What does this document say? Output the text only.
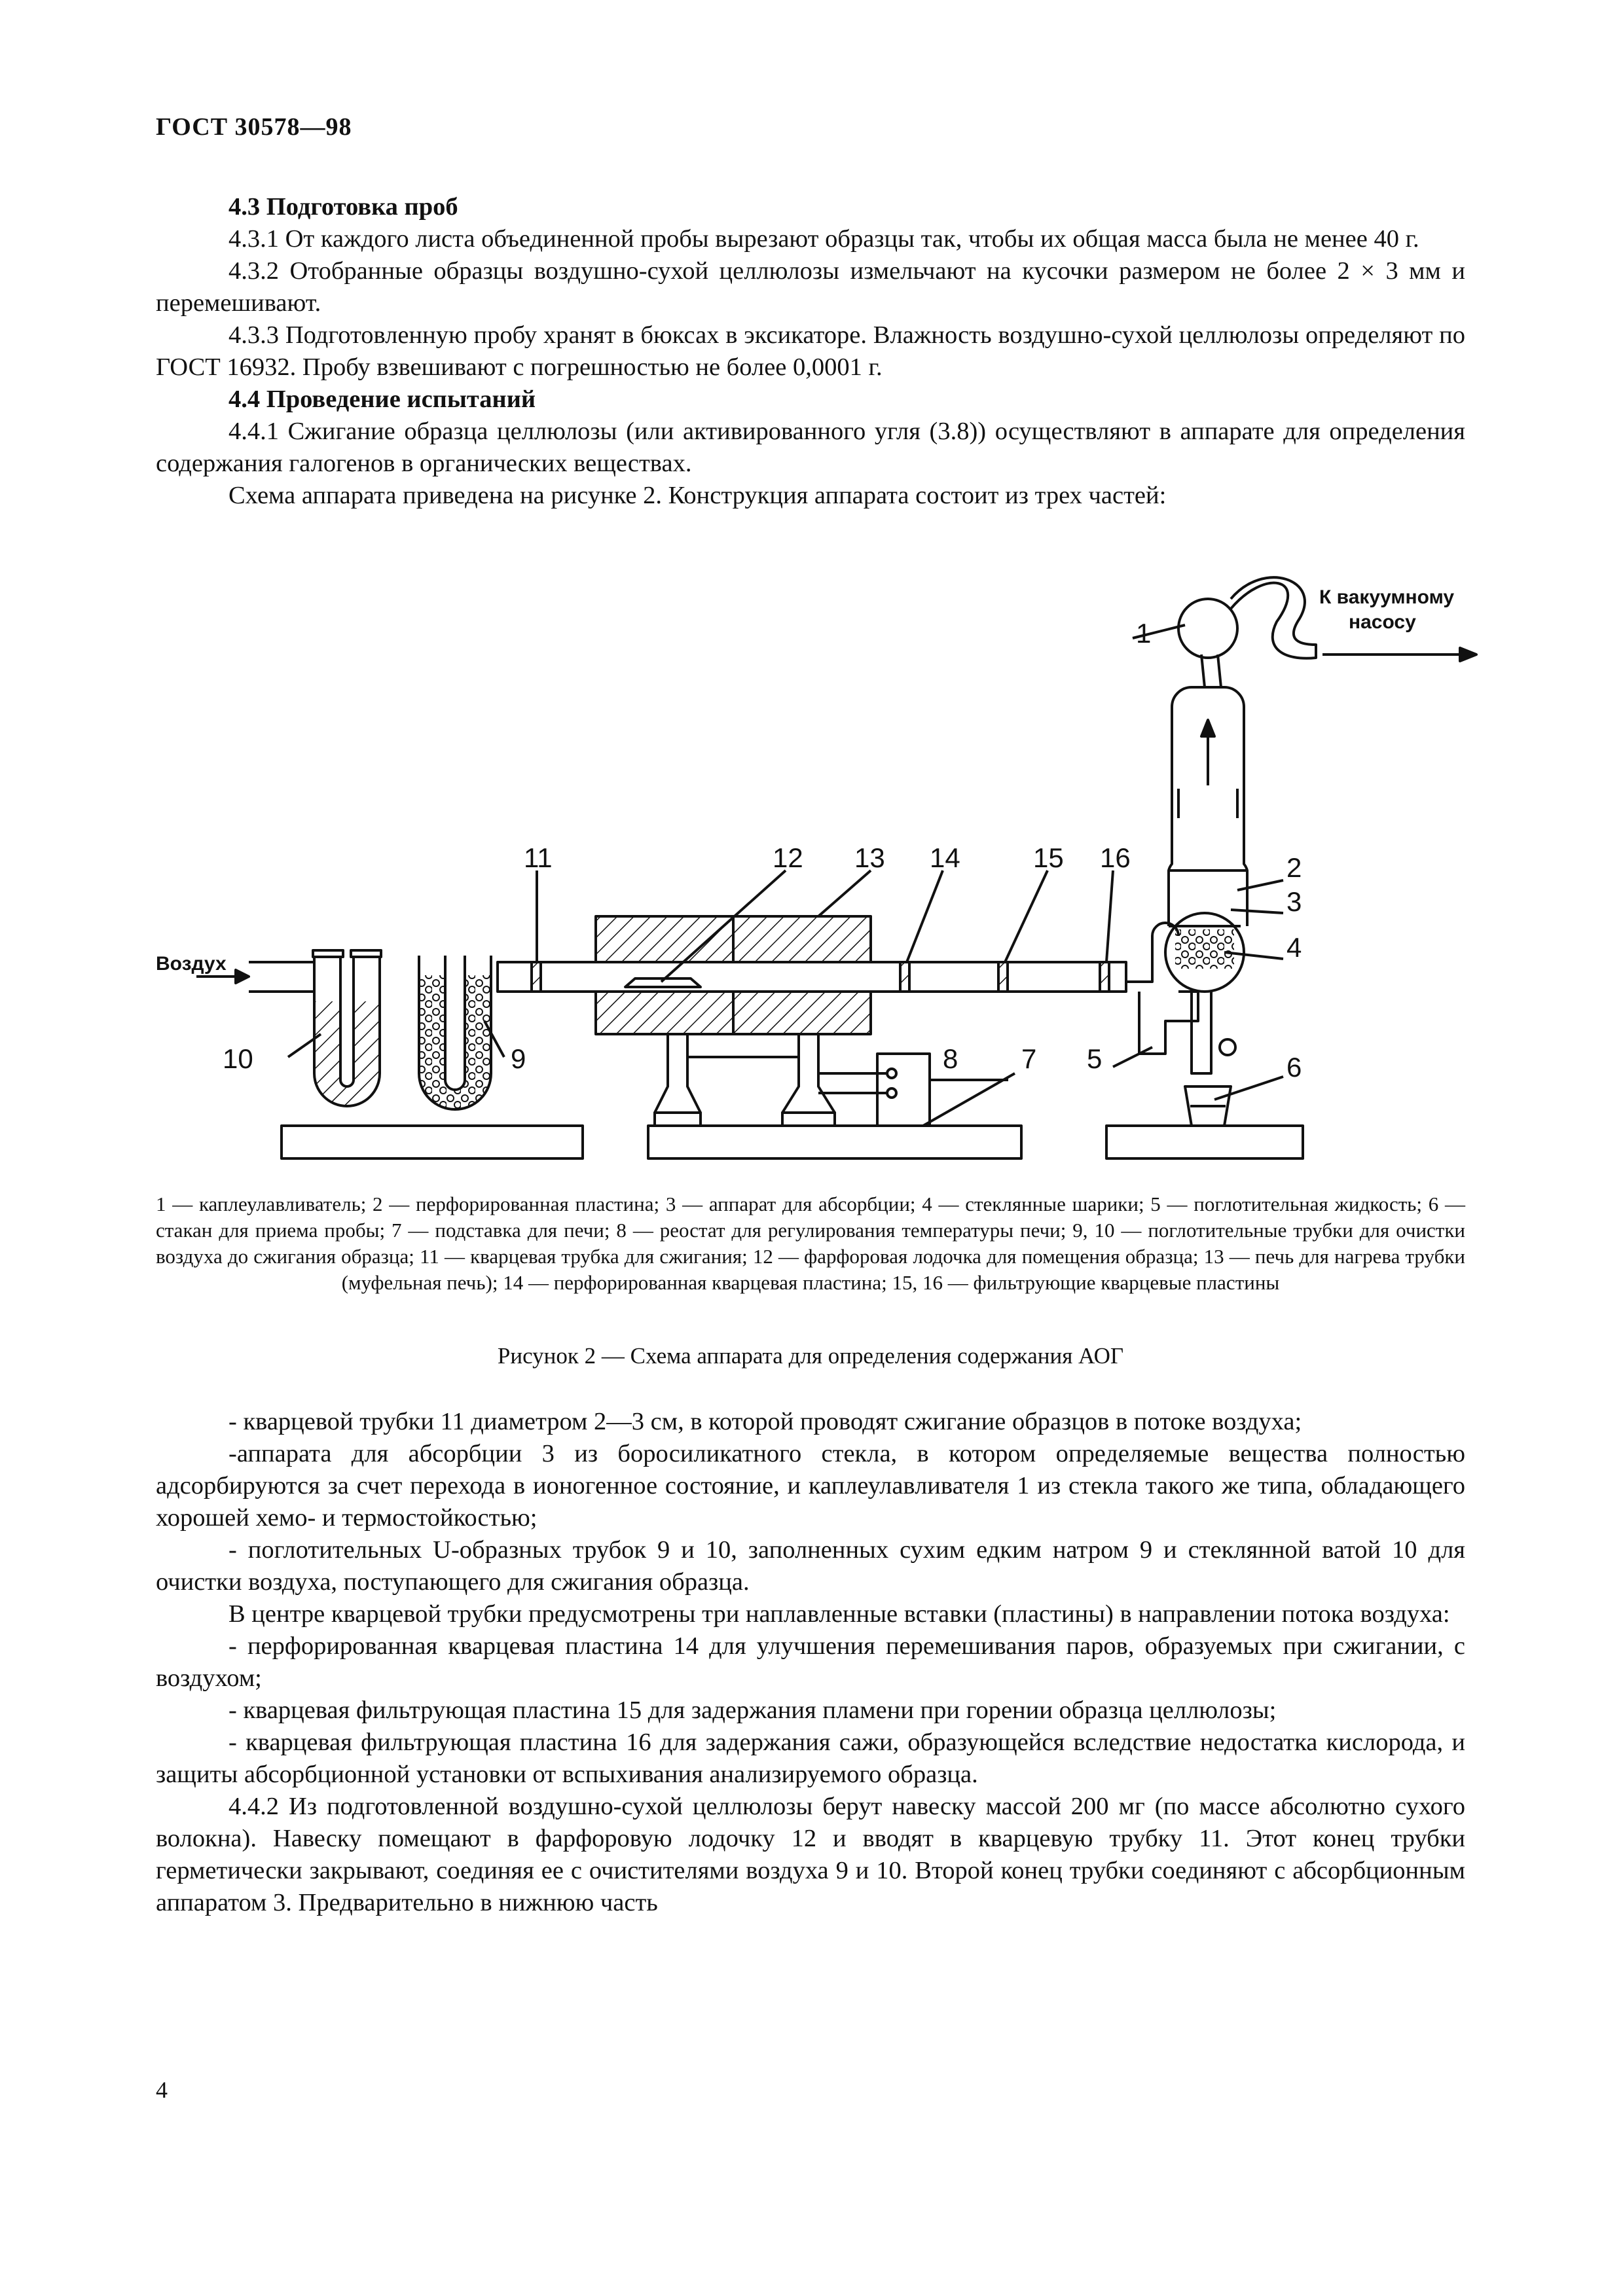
ГОСТ 30578—98

4.3 Подготовка проб

4.3.1 От каждого листа объединенной пробы вырезают образцы так, чтобы их общая масса была не менее 40 г.

4.3.2 Отобранные образцы воздушно-сухой целлюлозы измельчают на кусочки размером не более 2 × 3 мм и перемешивают.

4.3.3 Подготовленную пробу хранят в бюксах в эксикаторе. Влажность воздушно-сухой целлюлозы определяют по ГОСТ 16932. Пробу взвешивают с погрешностью не более 0,0001 г.

4.4 Проведение испытаний

4.4.1 Сжигание образца целлюлозы (или активированного угля (3.8)) осуществляют в аппарате для определения содержания галогенов в органических веществах.

Схема аппарата приведена на рисунке 2. Конструкция аппарата состоит из трех частей:

1
2
3
4
5	6
7
8
9
10
11	12 13 14	15 16
К вакуумному
насосу
Воздух
1 — каплеулавливатель; 2 — перфорированная пластина; 3 — аппарат для абсорбции; 4 — стеклянные шарики; 5 — поглотительная жидкость; 6 — стакан для приема пробы; 7 — подставка для печи; 8 — реостат для регулирования температуры печи; 9, 10 — поглотительные трубки для очистки воздуха до сжигания образца; 11 — кварцевая трубка для сжигания; 12 — фарфоровая лодочка для помещения образца; 13 — печь для нагрева трубки (муфельная печь); 14 — перфорированная кварцевая пластина; 15, 16 — фильтрующие кварцевые пластины
Рисунок 2 — Схема аппарата для определения содержания АОГ

- кварцевой трубки 11 диаметром 2—3 см, в которой проводят сжигание образцов в потоке воздуха;

-аппарата для абсорбции 3 из боросиликатного стекла, в котором определяемые вещества полностью адсорбируются за счет перехода в ионогенное состояние, и каплеулавливателя 1 из стекла такого же типа, обладающего хорошей хемо- и термостойкостью;

- поглотительных U-образных трубок 9 и 10, заполненных сухим едким натром 9 и стеклянной ватой 10 для очистки воздуха, поступающего для сжигания образца.

В центре кварцевой трубки предусмотрены три наплавленные вставки (пластины) в направлении потока воздуха:

- перфорированная кварцевая пластина 14 для улучшения перемешивания паров, образуемых при сжигании, с воздухом;

- кварцевая фильтрующая пластина 15 для задержания пламени при горении образца целлюлозы;

- кварцевая фильтрующая пластина 16 для задержания сажи, образующейся вследствие недостатка кислорода, и защиты абсорбционной установки от вспыхивания анализируемого образца.

4.4.2 Из подготовленной воздушно-сухой целлюлозы берут навеску массой 200 мг (по массе абсолютно сухого волокна). Навеску помещают в фарфоровую лодочку 12 и вводят в кварцевую трубку 11. Этот конец трубки герметически закрывают, соединяя ее с очистителями воздуха 9 и 10. Второй конец трубки соединяют с абсорбционным аппаратом 3. Предварительно в нижнюю часть

4
